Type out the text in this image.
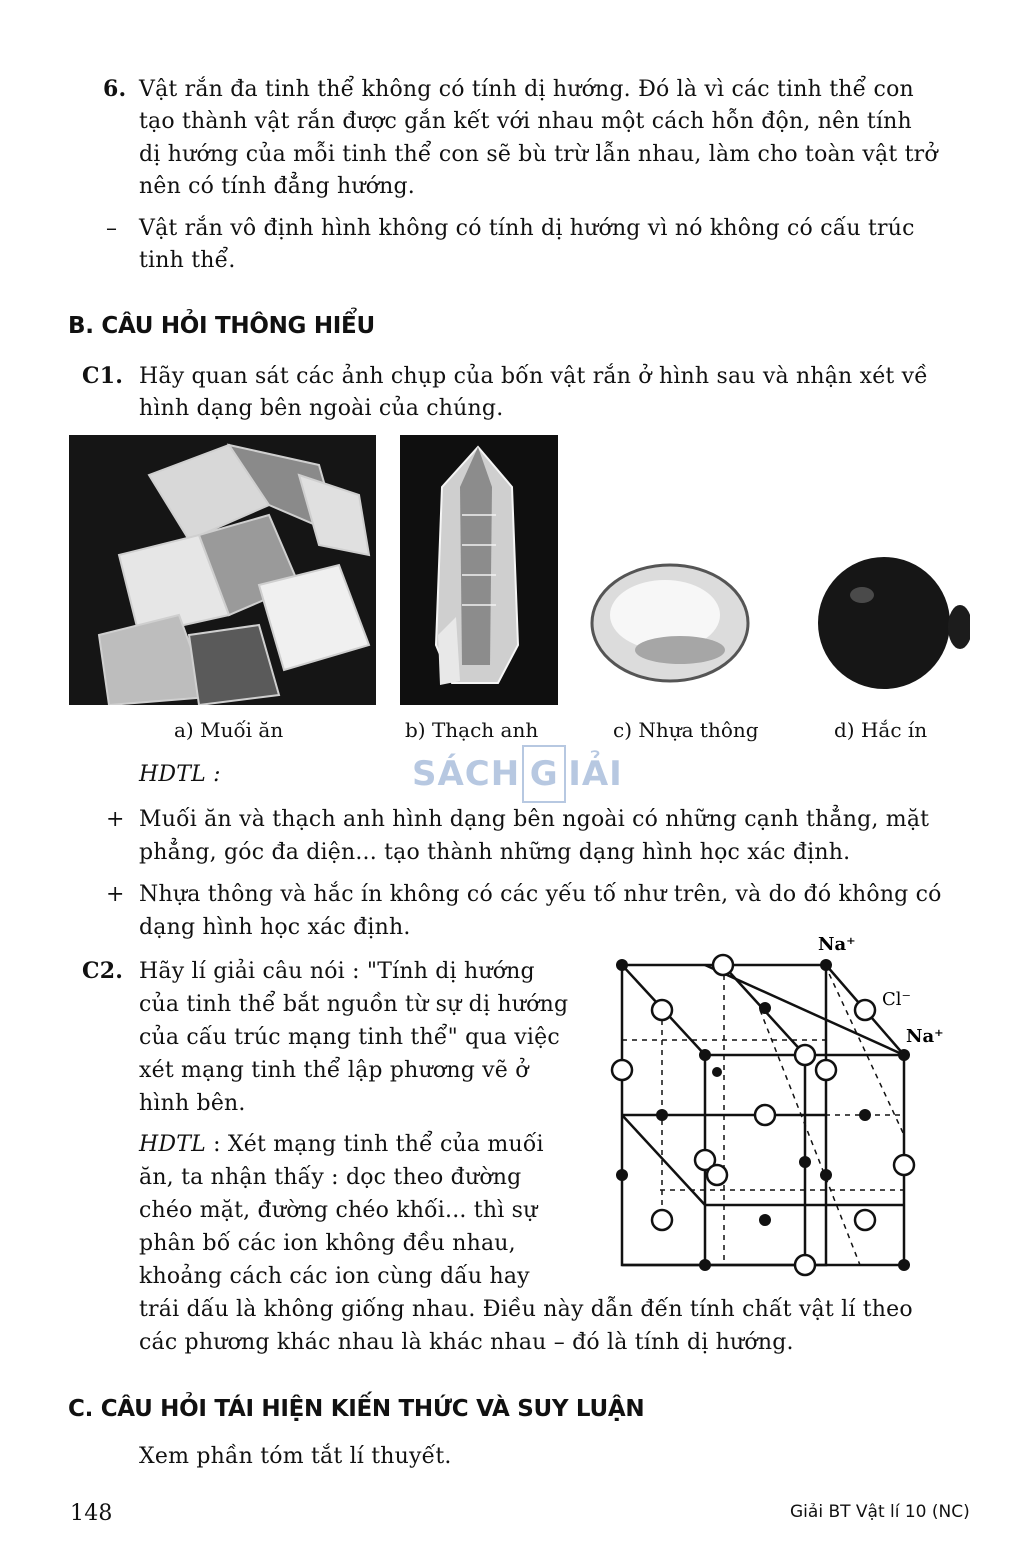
6. Vật rắn đa tinh thể không có tính dị hướng. Đó là vì các tinh thể con
tạo thành vật rắn được gắn kết với nhau một cách hỗn độn, nên tính
dị hướng của mỗi tinh thể con sẽ bù trừ lẫn nhau, làm cho toàn vật trở
nên có tính đẳng hướng.
– Vật rắn vô định hình không có tính dị hướng vì nó không có cấu trúc
tinh thể.
B. CÂU HỎI THÔNG HIỂU
C1. Hãy quan sát các ảnh chụp của bốn vật rắn ở hình sau và nhận xét về
hình dạng bên ngoài của chúng.
a) Muối ăn	b) Thạch anh	c) Nhựa thông	d) Hắc ín
SÁCH G IẢI
HDTL :
+ Muối ăn và thạch anh hình dạng bên ngoài có những cạnh thẳng, mặt
phẳng, góc đa diện... tạo thành những dạng hình học xác định.
+ Nhựa thông và hắc ín không có các yếu tố như trên, và do đó không có
dạng hình học xác định.
C2. Hãy lí giải câu nói : "Tính dị hướng
của tinh thể bắt nguồn từ sự dị hướng
của cấu trúc mạng tinh thể" qua việc
xét mạng tinh thể lập phương vẽ ở
hình bên.
HDTL : Xét mạng tinh thể của muối
ăn, ta nhận thấy : dọc theo đường
chéo mặt, đường chéo khối... thì sự
phân bố các ion không đều nhau,
khoảng cách các ion cùng dấu hay
trái dấu là không giống nhau. Điều này dẫn đến tính chất vật lí theo
các phương khác nhau là khác nhau – đó là tính dị hướng.
Na⁺
Cl⁻
Na⁺
C. CÂU HỎI TÁI HIỆN KIẾN THỨC VÀ SUY LUẬN
Xem phần tóm tắt lí thuyết.
148	Giải BT Vật lí 10 (NC)
